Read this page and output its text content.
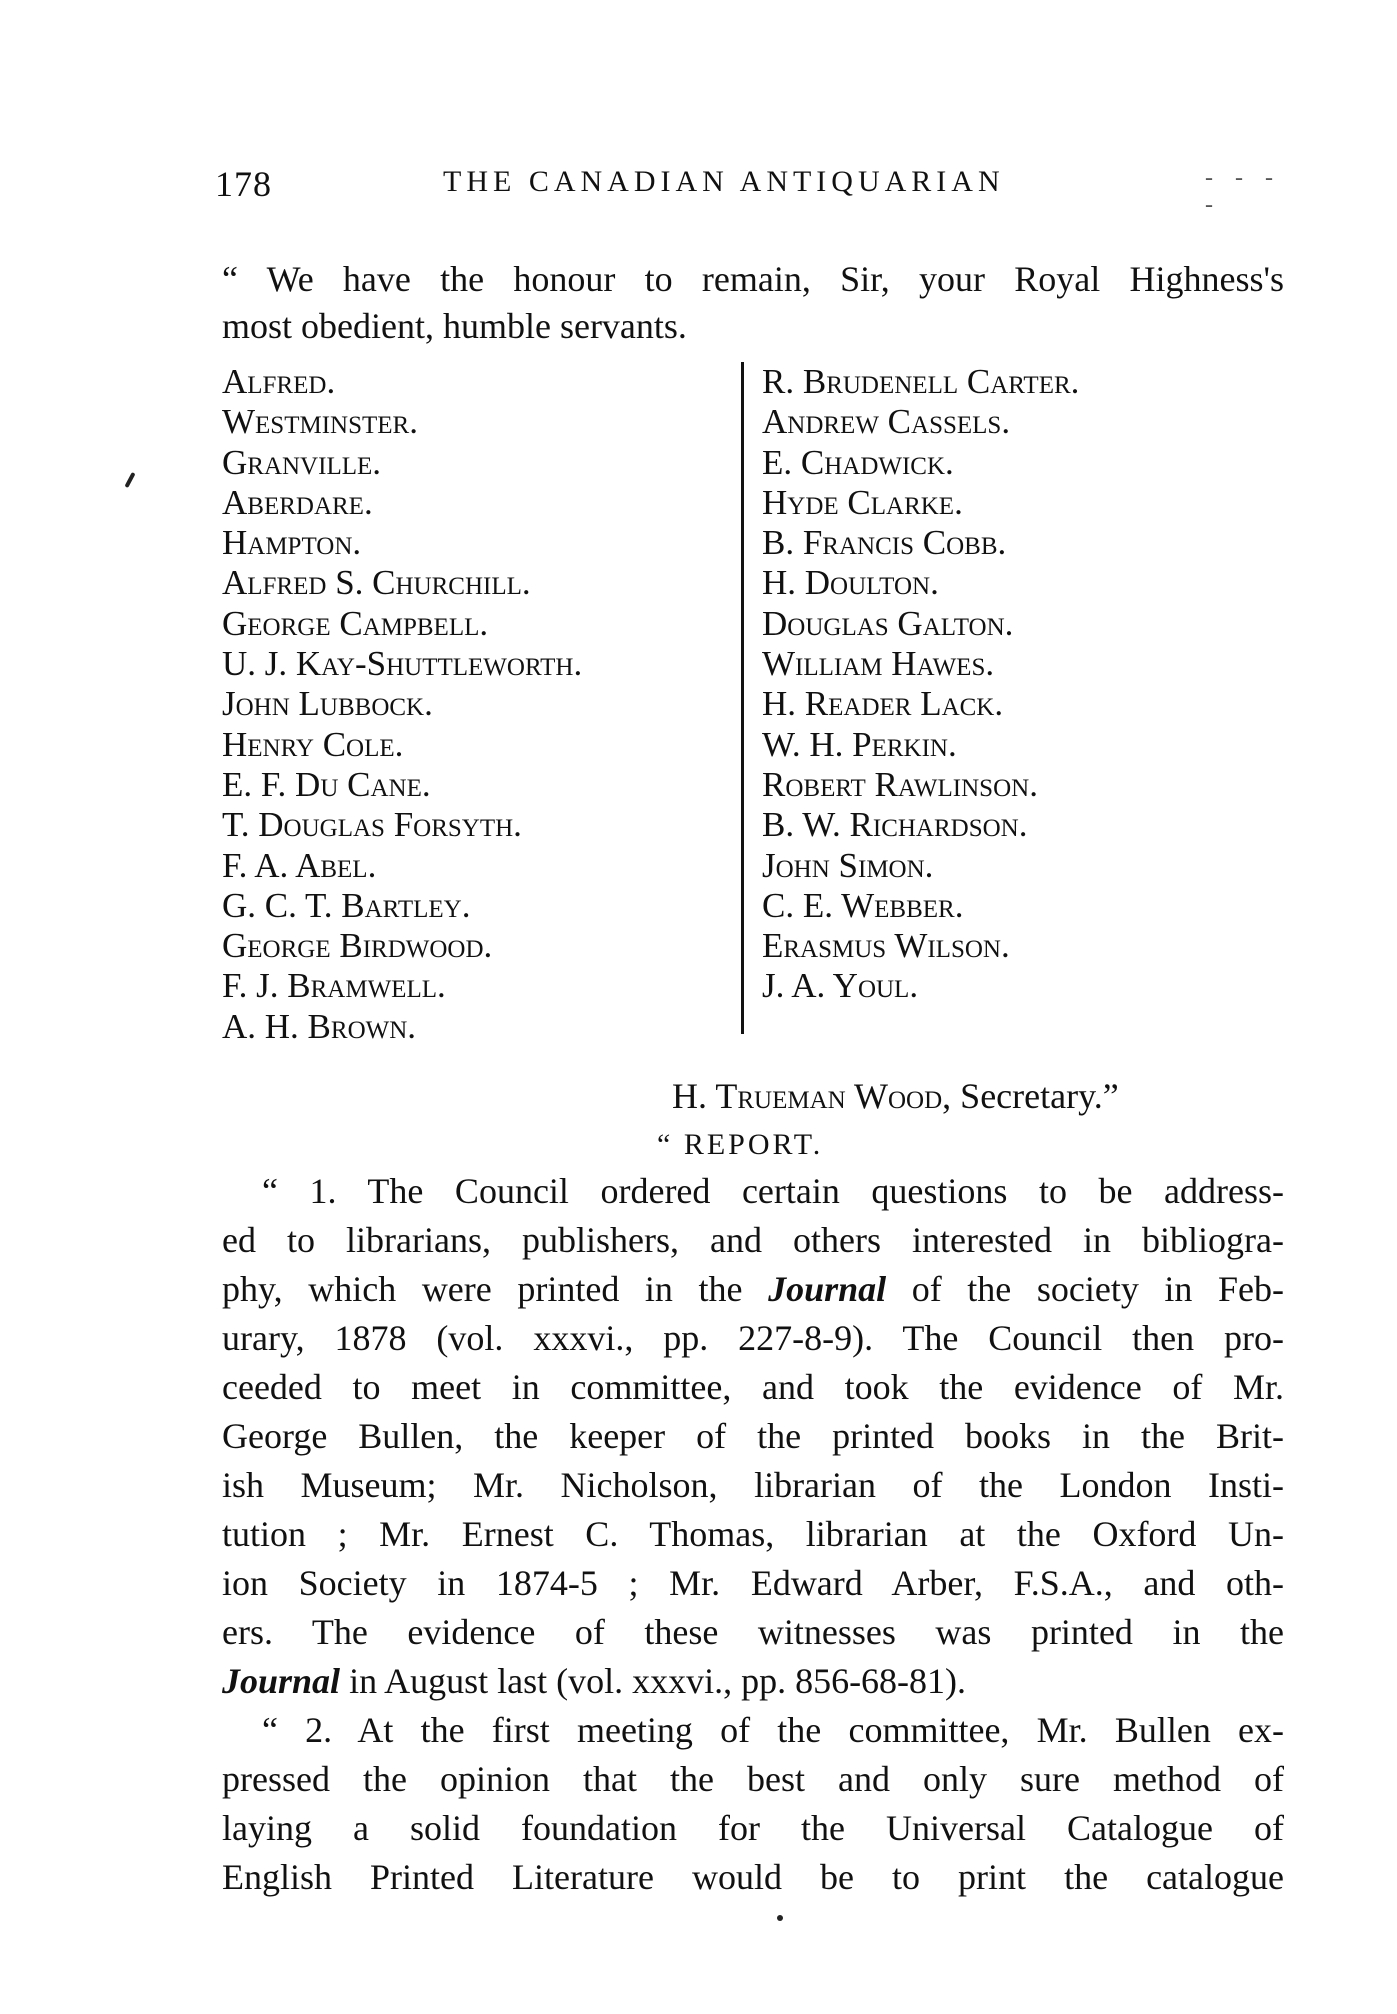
178	THE CANADIAN ANTIQUARIAN	- - - -
“ We have the honour to remain, Sir, your Royal Highness's
most obedient, humble servants.
Alfred.
Westminster.
Granville.
Aberdare.
Hampton.
Alfred S. Churchill.
George Campbell.
U. J. Kay-Shuttleworth.
John Lubbock.
Henry Cole.
E. F. Du Cane.
T. Douglas Forsyth.
F. A. Abel.
G. C. T. Bartley.
George Birdwood.
F. J. Bramwell.
A. H. Brown.
R. Brudenell Carter.
Andrew Cassels.
E. Chadwick.
Hyde Clarke.
B. Francis Cobb.
H. Doulton.
Douglas Galton.
William Hawes.
H. Reader Lack.
W. H. Perkin.
Robert Rawlinson.
B. W. Richardson.
John Simon.
C. E. Webber.
Erasmus Wilson.
J. A. Youl.
H. Trueman Wood, Secretary.”
“ REPORT.
“ 1. The Council ordered certain questions to be address-
ed to librarians, publishers, and others interested in bibliogra-
phy, which were printed in the Journal of the society in Feb-
urary, 1878 (vol. xxxvi., pp. 227-8-9). The Council then pro-
ceeded to meet in committee, and took the evidence of Mr.
George Bullen, the keeper of the printed books in the Brit-
ish Museum; Mr. Nicholson, librarian of the London Insti-
tution ; Mr. Ernest C. Thomas, librarian at the Oxford Un-
ion Society in 1874-5 ; Mr. Edward Arber, F.S.A., and oth-
ers. The evidence of these witnesses was printed in the
Journal in August last (vol. xxxvi., pp. 856-68-81).
“ 2. At the first meeting of the committee, Mr. Bullen ex-
pressed the opinion that the best and only sure method of
laying a solid foundation for the Universal Catalogue of
English Printed Literature would be to print the catalogue
